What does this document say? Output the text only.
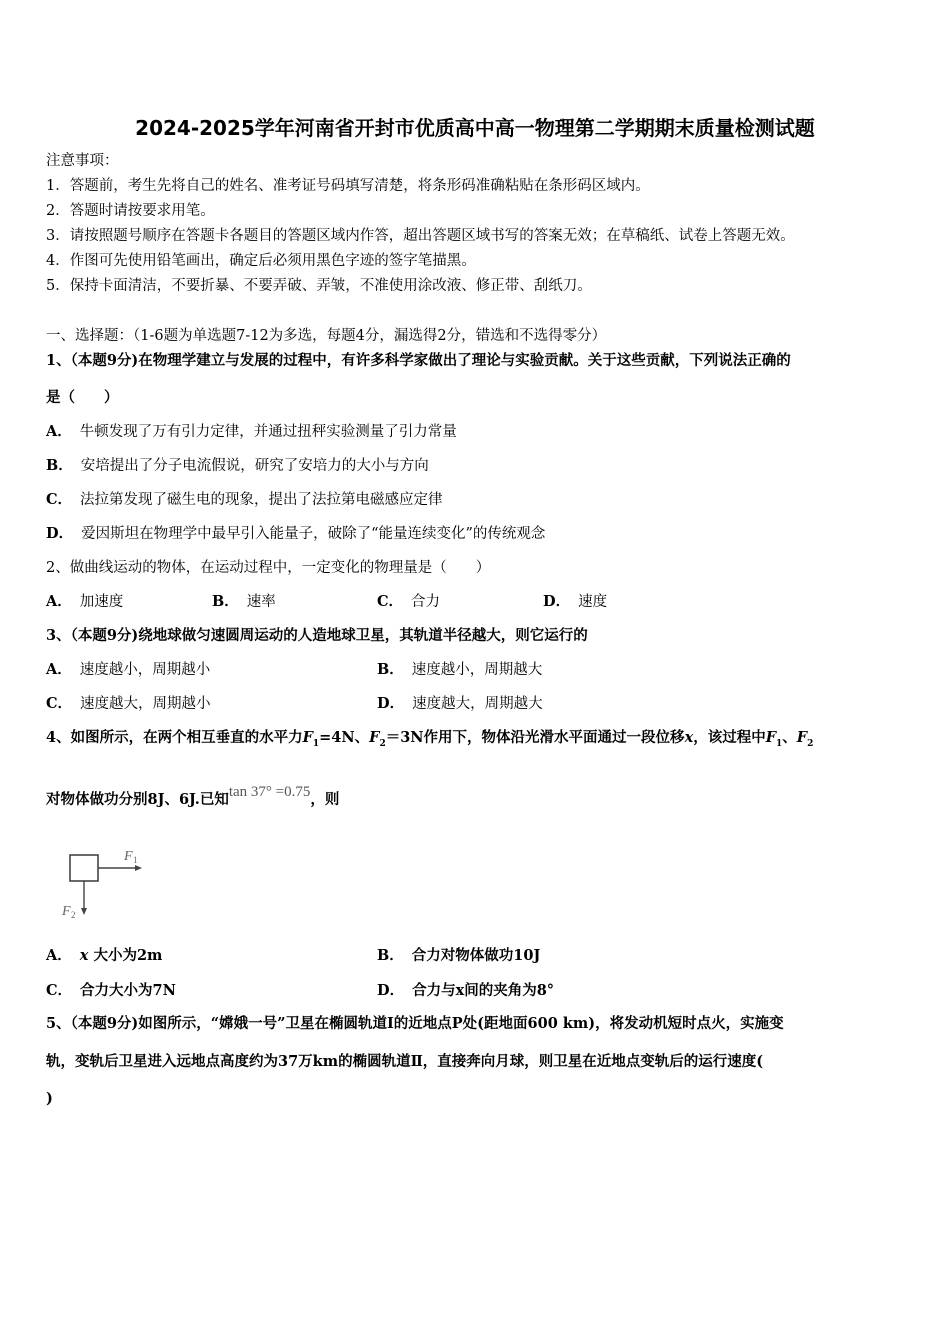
2024-2025学年河南省开封市优质高中高一物理第二学期期末质量检测试题
注意事项：
1．答题前，考生先将自己的姓名、准考证号码填写清楚，将条形码准确粘贴在条形码区域内。
2．答题时请按要求用笔。
3．请按照题号顺序在答题卡各题目的答题区域内作答，超出答题区域书写的答案无效；在草稿纸、试卷上答题无效。
4．作图可先使用铅笔画出，确定后必须用黑色字迹的签字笔描黑。
5．保持卡面清洁，不要折暴、不要弄破、弄皱，不准使用涂改液、修正带、刮纸刀。
一、选择题：（1-6题为单选题7-12为多选，每题4分，漏选得2分，错选和不选得零分）
1、（本题9分)在物理学建立与发展的过程中，有许多科学家做出了理论与实验贡献。关于这些贡献，下列说法正确的
是（　　）
A． 牛顿发现了万有引力定律，并通过扭秤实验测量了引力常量
B． 安培提出了分子电流假说，研究了安培力的大小与方向
C． 法拉第发现了磁生电的现象，提出了法拉第电磁感应定律
D． 爱因斯坦在物理学中最早引入能量子，破除了“能量连续变化”的传统观念
2、做曲线运动的物体，在运动过程中，一定变化的物理量是（　　）
A． 加速度	B． 速率	C． 合力	D． 速度
3、（本题9分)绕地球做匀速圆周运动的人造地球卫星，其轨道半径越大，则它运行的
A． 速度越小，周期越小	B． 速度越小，周期越大
C． 速度越大，周期越小	D． 速度越大，周期越大
4、如图所示，在两个相互垂直的水平力$F_1=4N$、$F_2=3N$作用下，物体沿光滑水平面通过一段位移x，该过程中$F_1$、$F_2$
对物体做功分别8J、6J.已知tan 37° =0.75，则
F 1
F 2
A． x 大小为2m	B． 合力对物体做功10J
C． 合力大小为7N	D． 合力与x间的夹角为8°
5、（本题9分)如图所示，“嫦娥一号”卫星在椭圆轨道Ⅰ的近地点P处(距地面600 km)，将发动机短时点火，实施变
轨，变轨后卫星进入远地点高度约为37万km的椭圆轨道Ⅱ，直接奔向月球，则卫星在近地点变轨后的运行速度(
)
